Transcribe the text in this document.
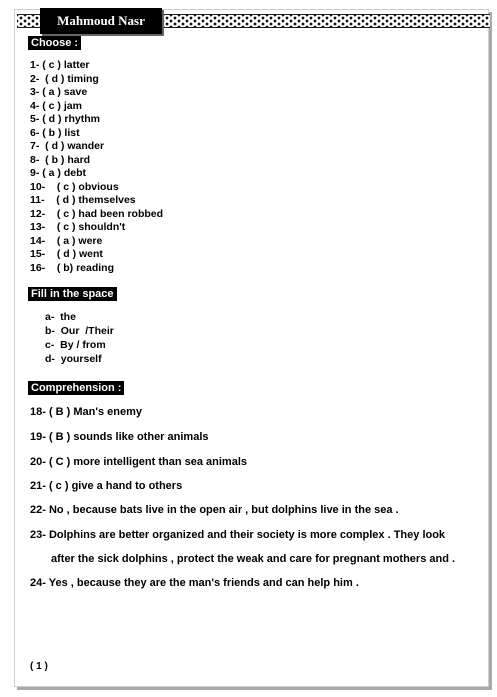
Mahmoud Nasr
Choose :
1- ( c ) latter
2-  ( d ) timing
3- ( a ) save
4- ( c ) jam
5- ( d ) rhythm
6- ( b ) list
7-  ( d ) wander
8-  ( b ) hard
9- ( a ) debt
10-    ( c ) obvious
11-    ( d ) themselves
12-    ( c ) had been robbed
13-    ( c ) shouldn't
14-    ( a ) were
15-    ( d ) went
16-    ( b) reading
Fill in the space
a-  the
b-  Our  /Their
c-  By / from
d-  yourself
Comprehension :
18- ( B ) Man's enemy
19- ( B ) sounds like other animals
20- ( C ) more intelligent than sea animals
21- ( c ) give a hand to others
22- No , because bats live in the open air , but dolphins live in the sea .
23- Dolphins are better organized and their society is more complex . They look
after the sick dolphins , protect the weak and care for pregnant mothers and .
24- Yes , because they are the man's friends and can help him .
( 1 )
